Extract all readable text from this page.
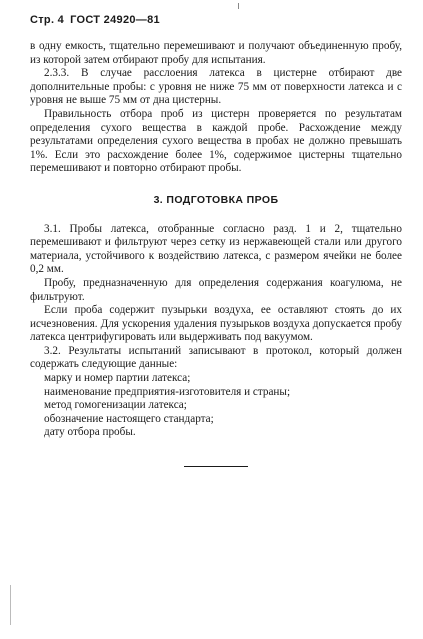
Стр. 4 ГОСТ 24920—81

в одну емкость, тщательно перемешивают и получают объединенную пробу, из которой затем отбирают пробу для испытания.

2.3.3. В случае расслоения латекса в цистерне отбирают две дополнительные пробы: с уровня не ниже 75 мм от поверхности латекса и с уровня не выше 75 мм от дна цистерны.

Правильность отбора проб из цистерн проверяется по результатам определения сухого вещества в каждой пробе. Расхождение между результатами определения сухого вещества в пробах не должно превышать 1%. Если это расхождение более 1%, содержимое цистерны тщательно перемешивают и повторно отбирают пробы.

3. ПОДГОТОВКА ПРОБ

3.1. Пробы латекса, отобранные согласно разд. 1 и 2, тщательно перемешивают и фильтруют через сетку из нержавеющей стали или другого материала, устойчивого к воздействию латекса, с размером ячейки не более 0,2 мм.

Пробу, предназначенную для определения содержания коагулюма, не фильтруют.

Если проба содержит пузырьки воздуха, ее оставляют стоять до их исчезновения. Для ускорения удаления пузырьков воздуха допускается пробу латекса центрифугировать или выдерживать под вакуумом.

3.2. Результаты испытаний записывают в протокол, который должен содержать следующие данные:

марку и номер партии латекса;

наименование предприятия-изготовителя и страны;

метод гомогенизации латекса;

обозначение настоящего стандарта;

дату отбора пробы.
